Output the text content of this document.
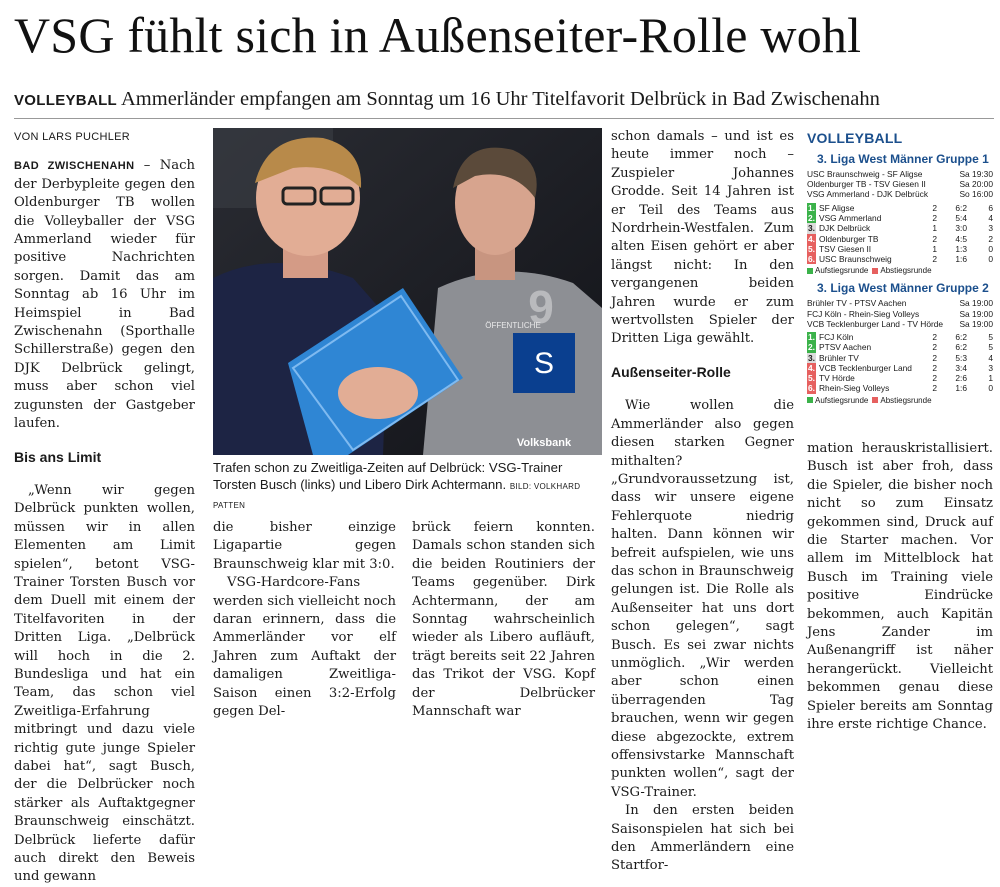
VSG fühlt sich in Außenseiter-Rolle wohl
VOLLEYBALL Ammerländer empfangen am Sonntag um 16 Uhr Titelfavorit Delbrück in Bad Zwischenahn
VON LARS PUCHLER

BAD ZWISCHENAHN – Nach der Derbypleite gegen den Oldenburger TB wollen die Volleyballer der VSG Ammerland wieder für positive Nachrichten sorgen. Damit das am Sonntag ab 16 Uhr im Heimspiel in Bad Zwischenahn (Sporthalle Schillerstraße) gegen den DJK Delbrück gelingt, muss aber schon viel zugunsten der Gastgeber laufen.

Bis ans Limit

„Wenn wir gegen Delbrück punkten wollen, müssen wir in allen Elementen am Limit spielen“, betont VSG-Trainer Torsten Busch vor dem Duell mit einem der Titelfavoriten in der Dritten Liga. „Delbrück will hoch in die 2. Bundesliga und hat ein Team, das schon viel Zweitliga-Erfahrung mitbringt und dazu viele richtig gute junge Spieler dabei hat“, sagt Busch, der die Delbrücker noch stärker als Auftaktgegner Braunschweig einschätzt. Delbrück lieferte dafür auch direkt den Beweis und gewann

S
Volksbank
9
ÖFFENTLICHE
Trafen schon zu Zweitliga-Zeiten auf Delbrück: VSG-Trainer Torsten Busch (links) und Libero Dirk Achtermann. BILD: VOLKHARD PATTEN

die bisher einzige Ligapartie gegen Braunschweig klar mit 3:0.

VSG-Hardcore-Fans werden sich vielleicht noch daran erinnern, dass die Ammerländer vor elf Jahren zum Auftakt der damaligen Zweitliga-Saison einen 3:2-Erfolg gegen Del-

brück feiern konnten. Damals schon standen sich die beiden Routiniers der Teams gegenüber. Dirk Achtermann, der am Sonntag wahrscheinlich wieder als Libero aufläuft, trägt bereits seit 22 Jahren das Trikot der VSG. Kopf der Delbrücker Mannschaft war

schon damals – und ist es heute immer noch – Zuspieler Johannes Grodde. Seit 14 Jahren ist er Teil des Teams aus Nordrhein-Westfalen. Zum alten Eisen gehört er aber längst nicht: In den vergangenen beiden Jahren wurde er zum wertvollsten Spieler der Dritten Liga gewählt.

Außenseiter-Rolle

Wie wollen die Ammerländer also gegen diesen starken Gegner mithalten? „Grundvoraussetzung ist, dass wir unsere eigene Fehlerquote niedrig halten. Dann können wir befreit aufspielen, wie uns das schon in Braunschweig gelungen ist. Die Rolle als Außenseiter hat uns dort schon gelegen“, sagt Busch. Es sei zwar nichts unmöglich. „Wir werden aber schon einen überragenden Tag brauchen, wenn wir gegen diese abgezockte, extrem offensivstarke Mannschaft punkten wollen“, sagt der VSG-Trainer.

In den ersten beiden Saisonspielen hat sich bei den Ammerländern eine Startfor-

mation herauskristallisiert. Busch ist aber froh, dass die Spieler, die bisher noch nicht so zum Einsatz gekommen sind, Druck auf die Starter machen. Vor allem im Mittelblock hat Busch im Training viele positive Eindrücke bekommen, auch Kapitän Jens Zander im Außenangriff ist näher herangerückt. Vielleicht bekommen genau diese Spieler bereits am Sonntag ihre erste richtige Chance.

VOLLEYBALL
3. Liga West Männer Gruppe 1
USC Braunschweig - SF Aligse	Sa 19:30
Oldenburger TB - TSV Giesen II	Sa 20:00
VSG Ammerland - DJK Delbrück	So 16:00
1.	SF Aligse	2	6:2	6
2.	VSG Ammerland	2	5:4	4
3.	DJK Delbrück	1	3:0	3
4.	Oldenburger TB	2	4:5	2
5.	TSV Giesen II	1	1:3	0
6.	USC Braunschweig	2	1:6	0
Aufstiegsrunde Abstiegsrunde
3. Liga West Männer Gruppe 2
Brühler TV - PTSV Aachen	Sa 19:00
FCJ Köln - Rhein-Sieg Volleys	Sa 19:00
VCB Tecklenburger Land - TV Hörde Sa 19:00
1.	FCJ Köln	2	6:2	5
2.	PTSV Aachen	2	6:2	5
3.	Brühler TV	2	5:3	4
4.	VCB Tecklenburger Land	2	3:4	3
5.	TV Hörde	2	2:6	1
6.	Rhein-Sieg Volleys	2	1:6	0
Aufstiegsrunde Abstiegsrunde
